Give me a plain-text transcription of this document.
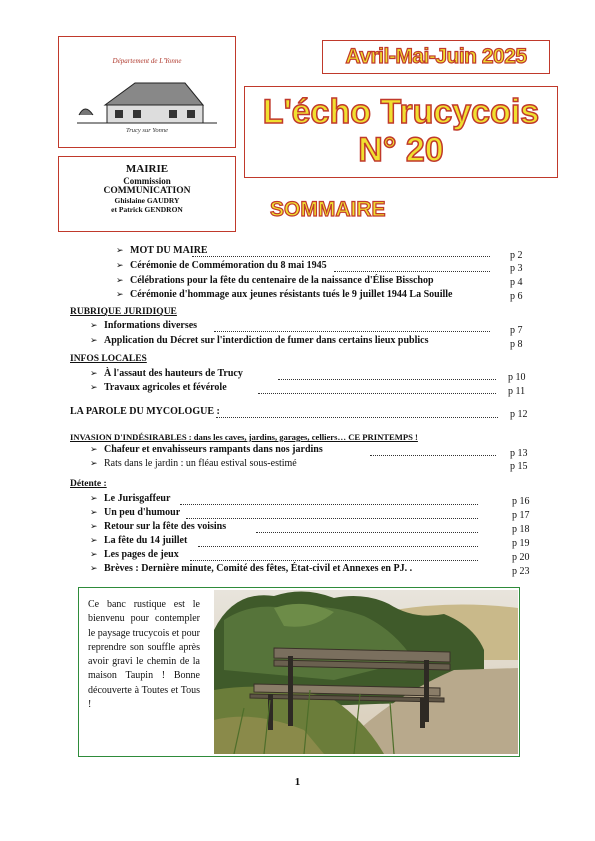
Département de L'Yonne
Trucy sur Yonne
MAIRIE
Commission
COMMUNICATION
Ghislaine GAUDRY
et Patrick GENDRON
Avril-Mai-Juin 2025
L'écho Trucycois
N° 20
SOMMAIRE
➢ MOT DU MAIRE	p 2
➢ Cérémonie de Commémoration du 8 mai 1945	p 3
➢ Célébrations pour la fête du centenaire de la naissance d'Élise Bisschop	p 4
➢ Cérémonie d'hommage aux jeunes résistants tués le 9 juillet 1944 La Souille	p 6
RUBRIQUE JURIDIQUE
➢ Informations diverses	p 7
➢ Application du Décret sur l'interdiction de fumer dans certains lieux publics	p 8
INFOS LOCALES
➢ À l'assaut des hauteurs de Trucy	p 10
➢ Travaux agricoles et févérole	p 11
LA PAROLE DU MYCOLOGUE :	p 12
INVASION D'INDÉSIRABLES : dans les caves, jardins, garages, celliers… CE PRINTEMPS !
➢ Chafeur et envahisseurs rampants dans nos jardins	p 13
➢ Rats dans le jardin : un fléau estival sous-estimé	p 15
Détente :
➢ Le Jurisgaffeur	p 16
➢ Un peu d'humour	p 17
➢ Retour sur la fête des voisins	p 18
➢ La fête du 14 juillet	p 19
➢ Les pages de jeux	p 20
➢ Brèves : Dernière minute, Comité des fêtes, État-civil et Annexes en PJ. .	p 23
Ce banc rustique est le bienvenu pour contempler le paysage trucycois et pour reprendre son souffle après avoir gravi le chemin de la maison Taupin ! Bonne découverte à Toutes et Tous !
1
